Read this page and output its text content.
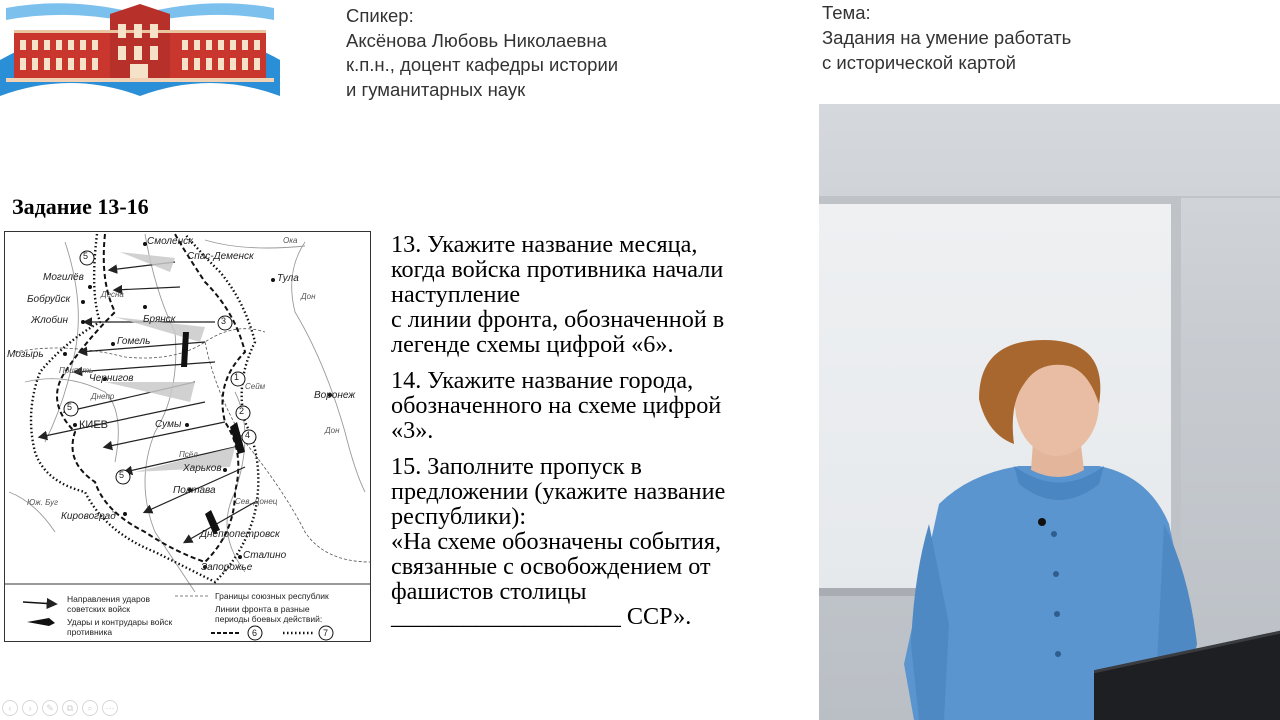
Спикер:
Аксёнова Любовь Николаевна
к.п.н., доцент кафедры истории
и гуманитарных наук
Тема:
Задания на умение работать
с исторической картой
Задание 13-16
Смоленск
Спас-Деменск
Тула
Могилёв
Бобруйск
Жлобин	Брянск
Гомель
Мозырь
Чернигов
Воронеж
КИЕВ	Сумы
Харьков
Полтава
Кировоград
Днепропетровск
Сталино
Запорожье
Ока
Дон
Дон
Десна
Припять
Днепр
Юж. Буг
Сейм
Сев. Донец
Псёл
1
2
3
4
5
5
5
Направления ударов советских войск
Удары и контрудары войск противника
Границы союзных республик
Линии фронта в разные периоды боевых действий:
6	7
13. Укажите название месяца,
когда войска противника начали
наступление
с линии фронта, обозначенной в
легенде схемы цифрой «6».
14. Укажите название города,
обозначенного на схеме цифрой
«3».
15. Заполните пропуск в
предложении (укажите название
республики):
«На схеме обозначены события,
связанные с освобождением от
фашистов столицы
___________________ ССР».
‹	›	✎	⧉	⌕	⋯
